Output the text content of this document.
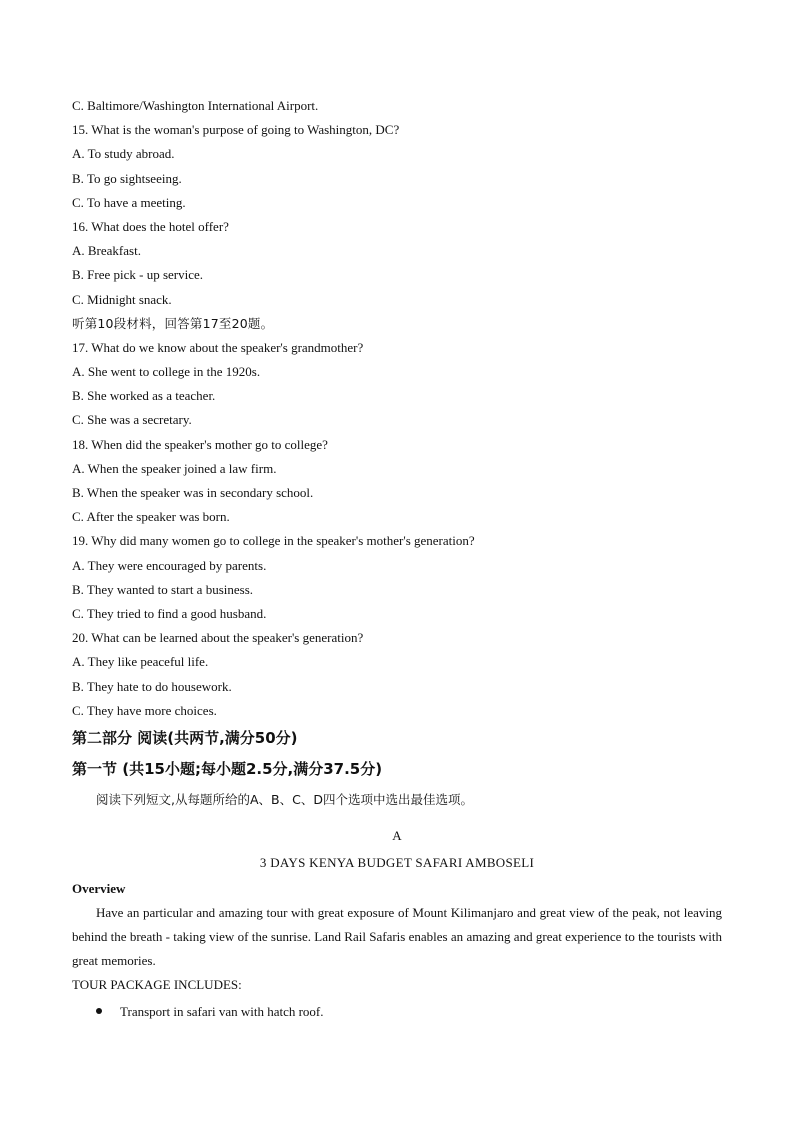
C. Baltimore/Washington International Airport.
15. What is the woman's purpose of going to Washington, DC?
A. To study abroad.
B. To go sightseeing.
C. To have a meeting.
16. What does the hotel offer?
A. Breakfast.
B. Free pick - up service.
C. Midnight snack.
听第10段材料，回答第17至20题。
17. What do we know about the speaker's grandmother?
A. She went to college in the 1920s.
B. She worked as a teacher.
C. She was a secretary.
18. When did the speaker's mother go to college?
A. When the speaker joined a law firm.
B. When the speaker was in secondary school.
C. After the speaker was born.
19. Why did many women go to college in the speaker's mother's generation?
A. They were encouraged by parents.
B. They wanted to start a business.
C. They tried to find a good husband.
20. What can be learned about the speaker's generation?
A. They like peaceful life.
B. They hate to do housework.
C. They have more choices.
第二部分 阅读(共两节,满分50分)
第一节 (共15小题;每小题2.5分,满分37.5分)
阅读下列短文,从每题所给的A、B、C、D四个选项中选出最佳选项。
A
3 DAYS KENYA BUDGET SAFARI AMBOSELI
Overview
Have an particular and amazing tour with great exposure of Mount Kilimanjaro and great view of the peak, not leaving behind the breath - taking view of the sunrise. Land Rail Safaris enables an amazing and great experience to the tourists with great memories.
TOUR PACKAGE INCLUDES:
Transport in safari van with hatch roof.
